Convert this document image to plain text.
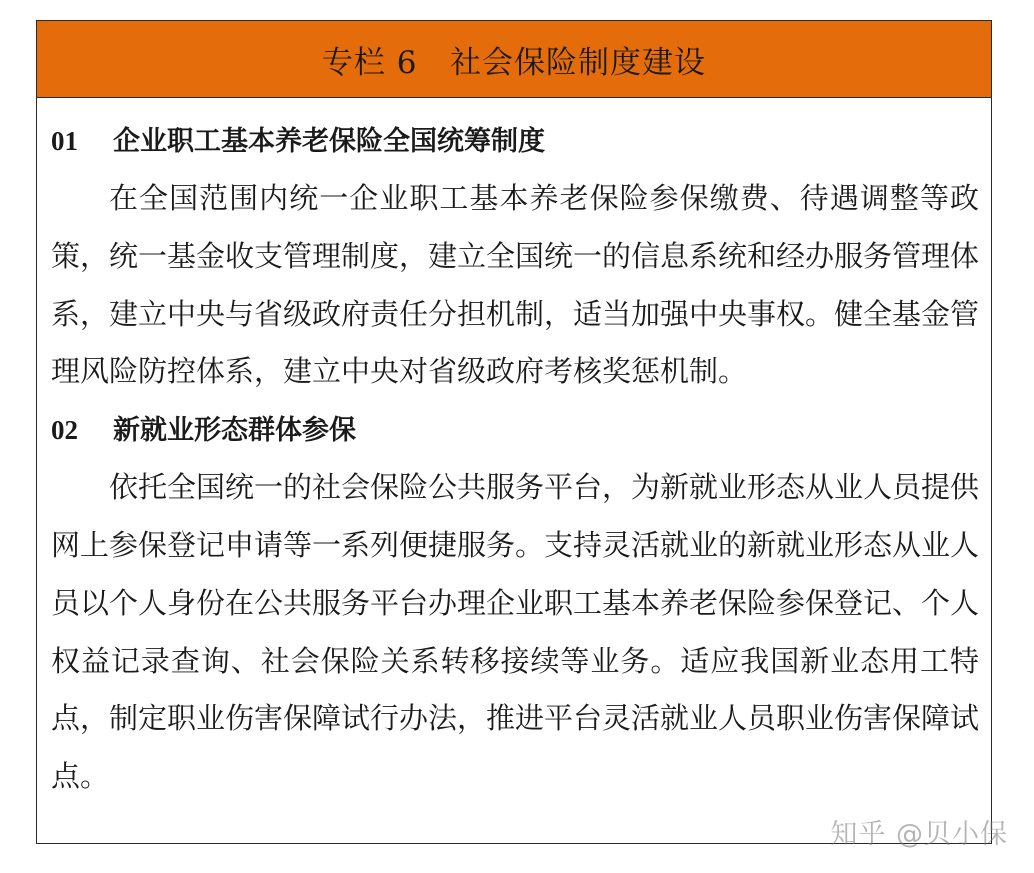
专栏 6   社会保险制度建设
01	企业职工基本养老保险全国统筹制度

在全国范围内统一企业职工基本养老保险参保缴费、待遇调整等政策，统一基金收支管理制度，建立全国统一的信息系统和经办服务管理体系，建立中央与省级政府责任分担机制，适当加强中央事权。健全基金管理风险防控体系，建立中央对省级政府考核奖惩机制。

02	新就业形态群体参保

依托全国统一的社会保险公共服务平台，为新就业形态从业人员提供网上参保登记申请等一系列便捷服务。支持灵活就业的新就业形态从业人员以个人身份在公共服务平台办理企业职工基本养老保险参保登记、个人权益记录查询、社会保险关系转移接续等业务。适应我国新业态用工特点，制定职业伤害保障试行办法，推进平台灵活就业人员职业伤害保障试点。

知乎 @贝小保
